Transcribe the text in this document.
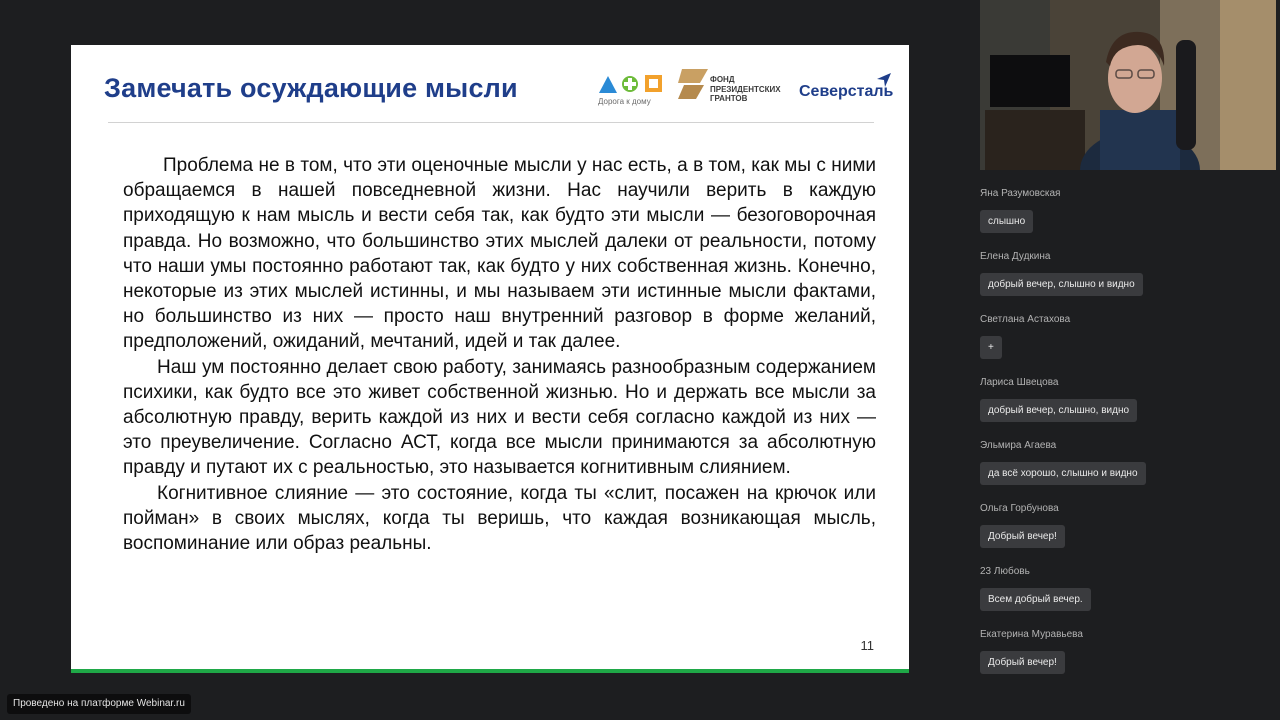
Замечать осуждающие мысли	Дорога к дому
ФОНД
ПРЕЗИДЕНТСКИХ
ГРАНТОВ	Северсталь

Проблема не в том, что эти оценочные мысли у нас есть, а в том, как мы с ними обращаемся в нашей повседневной жизни. Нас научили верить в каждую приходящую к нам мысль и вести себя так, как будто эти мысли — безоговорочная правда. Но возможно, что большинство этих мыслей далеки от реальности, потому что наши умы постоянно работают так, как будто у них собственная жизнь. Конечно, некоторые из этих мыслей истинны, и мы называем эти истинные мысли фактами, но большинство из них — просто наш внутренний разговор в форме желаний, предположений, ожиданий, мечтаний, идей и так далее.

Наш ум постоянно делает свою работу, занимаясь разнообразным содержанием психики, как будто все это живет собственной жизнью. Но и держать все мысли за абсолютную правду, верить каждой из них и вести себя согласно каждой из них — это преувеличение. Согласно АСТ, когда все мысли принимаются за абсолютную правду и путают их с реальностью, это называется когнитивным слиянием.

Когнитивное слияние — это состояние, когда ты «слит, посажен на крючок или пойман» в своих мыслях, когда ты веришь, что каждая возникающая мысль, воспоминание или образ реальны.

11
Яна Разумовская
слышно
Елена Дудкина
добрый вечер, слышно и видно
Светлана Астахова
+
Лариса Швецова
добрый вечер, слышно, видно
Эльмира Агаева
да всё хорошо, слышно и видно
Ольга Горбунова
Добрый вечер!
23 Любовь
Всем добрый вечер.
Екатерина Муравьева
Добрый вечер!
Проведено на платформе Webinar.ru
